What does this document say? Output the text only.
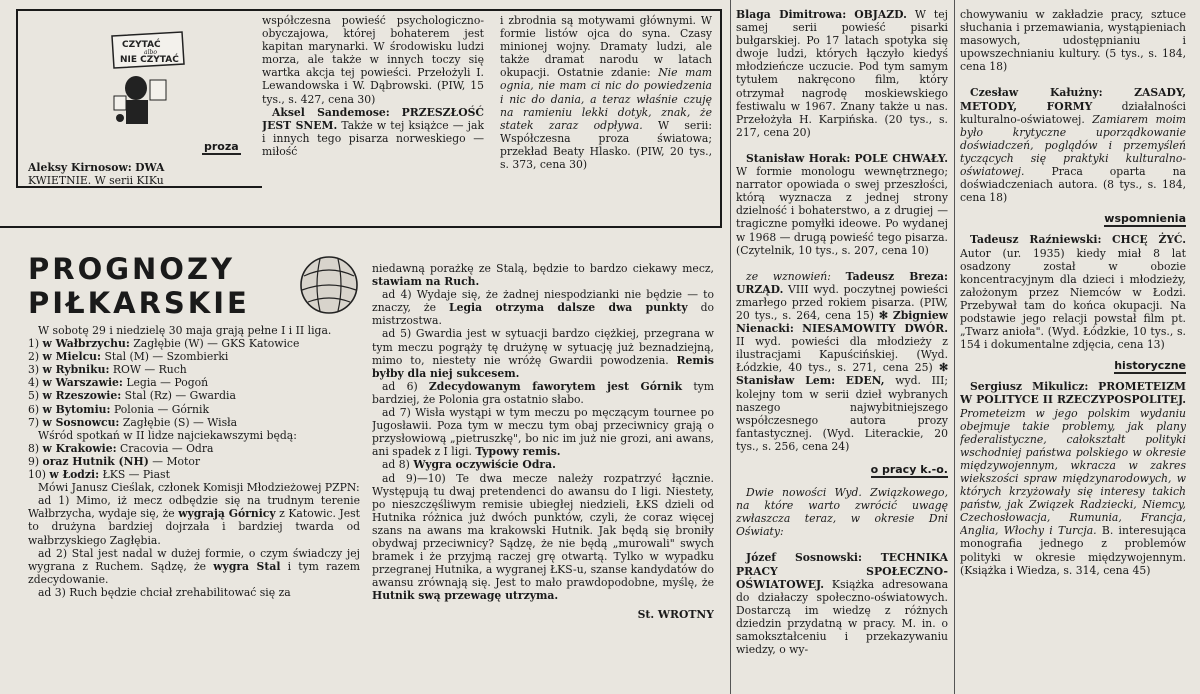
CZYTAĆ
albo
NIE CZYTAĆ
proza

Aleksy Kirnosow: DWA

KWIETNIE. W serii KIKu

współczesna powieść psychologiczno-obyczajowa, której bohaterem jest kapitan marynarki. W środowisku ludzi morza, ale także w innych toczy się wartka akcja tej powieści. Przełożyli I. Lewandowska i W. Dąbrowski. (PIW, 15 tys., s. 427, cena 30)

Aksel Sandemose: PRZESZŁOŚĆ JEST SNEM. Także w tej książce — jak i innych tego pisarza norweskiego — miłość

i zbrodnia są motywami głównymi. W formie listów ojca do syna. Czasy minionej wojny. Dramaty ludzi, ale także dramat narodu w latach okupacji. Ostatnie zdanie: Nie mam ognia, nie mam ci nic do powiedzenia i nic do dania, a teraz właśnie czuję na ramieniu lekki dotyk, znak, że statek zaraz odpływa. W serii: Współczesna proza światowa; przekład Beaty Hlasko. (PIW, 20 tys., s. 373, cena 30)

PROGNOZY PIŁKARSKIE

W sobotę 29 i niedzielę 30 maja grają pełne I i II liga.

1) w Wałbrzychu: Zagłębie (W) — GKS Katowice
2) w Mielcu: Stal (M) — Szombierki
3) w Rybniku: ROW — Ruch
4) w Warszawie: Legia — Pogoń
5) w Rzeszowie: Stal (Rz) — Gwardia
6) w Bytomiu: Polonia — Górnik
7) w Sosnowcu: Zagłębie (S) — Wisła

Wśród spotkań w II lidze najciekawszymi będą:

8) w Krakowie: Cracovia — Odra
9) oraz Hutnik (NH) — Motor
10) w Łodzi: ŁKS — Piast

Mówi Janusz Cieślak, członek Komisji Młodzieżowej PZPN:

ad 1) Mimo, iż mecz odbędzie się na trudnym terenie Wałbrzycha, wydaje się, że wygrają Górnicy z Katowic. Jest to drużyna bardziej dojrzała i bardziej twarda od wałbrzyskiego Zagłębia.

ad 2) Stal jest nadal w dużej formie, o czym świadczy jej wygrana z Ruchem. Sądzę, że wygra Stal i tym razem zdecydowanie.

ad 3) Ruch będzie chciał zrehabilitować się za

niedawną porażkę ze Stalą, będzie to bardzo ciekawy mecz, stawiam na Ruch.

ad 4) Wydaje się, że żadnej niespodzianki nie będzie — to znaczy, że Legia otrzyma dalsze dwa punkty do mistrzostwa.

ad 5) Gwardia jest w sytuacji bardzo ciężkiej, przegrana w tym meczu pogrąży tę drużynę w sytuację już beznadziejną, mimo to, niestety nie wróżę Gwardii powodzenia. Remis byłby dla niej sukcesem.

ad 6) Zdecydowanym faworytem jest Górnik tym bardziej, że Polonia gra ostatnio słabo.

ad 7) Wisła wystąpi w tym meczu po męczącym tournee po Jugosławii. Poza tym w meczu tym obaj przeciwnicy grają o przysłowiową „pietruszkę", bo nic im już nie grozi, ani awans, ani spadek z I ligi. Typowy remis.

ad 8) Wygra oczywiście Odra.

ad 9)—10) Te dwa mecze należy rozpatrzyć łącznie. Występują tu dwaj pretendenci do awansu do I ligi. Niestety, po nieszczęśliwym remisie ubiegłej niedzieli, ŁKS dzieli od Hutnika różnica już dwóch punktów, czyli, że coraz więcej szans na awans ma krakowski Hutnik. Jak będą się broniły obydwaj przeciwnicy? Sądzę, że nie będą „murowali" swych bramek i że przyjmą raczej grę otwartą. Tylko w wypadku przegranej Hutnika, a wygranej ŁKS-u, szanse kandydatów do awansu zrównają się. Jest to mało prawdopodobne, myślę, że Hutnik swą przewagę utrzyma.

St. WROTNY

Blaga Dimitrowa: OBJAZD. W tej samej serii powieść pisarki bułgarskiej. Po 17 latach spotyka się dwoje ludzi, których łączyło kiedyś młodzieńcze uczucie. Pod tym samym tytułem nakręcono film, który otrzymał nagrodę moskiewskiego festiwalu w 1967. Znany także u nas. Przełożyła H. Karpińska. (20 tys., s. 217, cena 20)

Stanisław Horak: POLE CHWAŁY. W formie monologu wewnętrznego; narrator opowiada o swej przeszłości, którą wyznacza z jednej strony dzielność i bohaterstwo, a z drugiej — tragiczne pomyłki ideowe. Po wydanej w 1968 — drugą powieść tego pisarza. (Czytelnik, 10 tys., s. 207, cena 10)

ze wznowień: Tadeusz Breza: URZĄD. VIII wyd. poczytnej powieści zmarłego przed rokiem pisarza. (PIW, 20 tys., s. 264, cena 15) ✻ Zbigniew Nienacki: NIESAMOWITY DWÓR. II wyd. powieści dla młodzieży z ilustracjami Kapuścińskiej. (Wyd. Łódzkie, 40 tys., s. 271, cena 25) ✻ Stanisław Lem: EDEN, wyd. III; kolejny tom w serii dzieł wybranych naszego najwybitniejszego współczesnego autora prozy fantastycznej. (Wyd. Literackie, 20 tys., s. 256, cena 24)

o pracy k.-o.

Dwie nowości Wyd. Związkowego, na które warto zwrócić uwagę zwłaszcza teraz, w okresie Dni Oświaty:

Józef Sosnowski: TECHNIKA PRACY SPOŁECZNO-OŚWIATOWEJ. Książka adresowana do działaczy społeczno-oświatowych. Dostarczą im wiedzę z różnych dziedzin przydatną w pracy. M. in. o samokształceniu i przekazywaniu wiedzy, o wy-

chowywaniu w zakładzie pracy, sztuce słuchania i przemawiania, wystąpieniach masowych, udostępnianiu i upowszechnianiu kultury. (5 tys., s. 184, cena 18)

Czesław Kałużny:	ZASADY, METODY, FORMY	działalności kulturalno-oświatowej. Zamiarem moim było krytyczne uporządkowanie doświadczeń, poglądów i przemyśleń tyczących się praktyki kulturalno-oświatowej.	Praca oparta na doświadczeniach autora. (8 tys., s. 184, cena 18)

wspomnienia

Tadeusz Raźniewski: CHCĘ ŻYĆ. Autor (ur. 1935) kiedy miał 8 lat osadzony został w obozie koncentracyjnym dla dzieci i młodzieży, założonym przez Niemców w Łodzi. Przebywał tam do końca okupacji. Na podstawie jego relacji powstał film pt. „Twarz anioła". (Wyd. Łódzkie, 10 tys., s. 154 i dokumentalne zdjęcia, cena 13)

historyczne

Sergiusz Mikulicz: PROMETEIZM W POLITYCE II RZECZYPOSPOLITEJ. Prometeizm w jego polskim wydaniu obejmuje takie problemy, jak plany federalistyczne, całokształt polityki wschodniej państwa polskiego w okresie międzywojennym, wkracza w zakres wiekszości spraw międzynarodowych, w których krzyżowały się interesy takich państw, jak Związek Radziecki, Niemcy, Czechosłowacja, Rumunia, Francja, Anglia, Włochy i Turcja. B. interesująca monografia jednego z problemów polityki w okresie międzywojennym. (Książka i Wiedza, s. 314, cena 45)
